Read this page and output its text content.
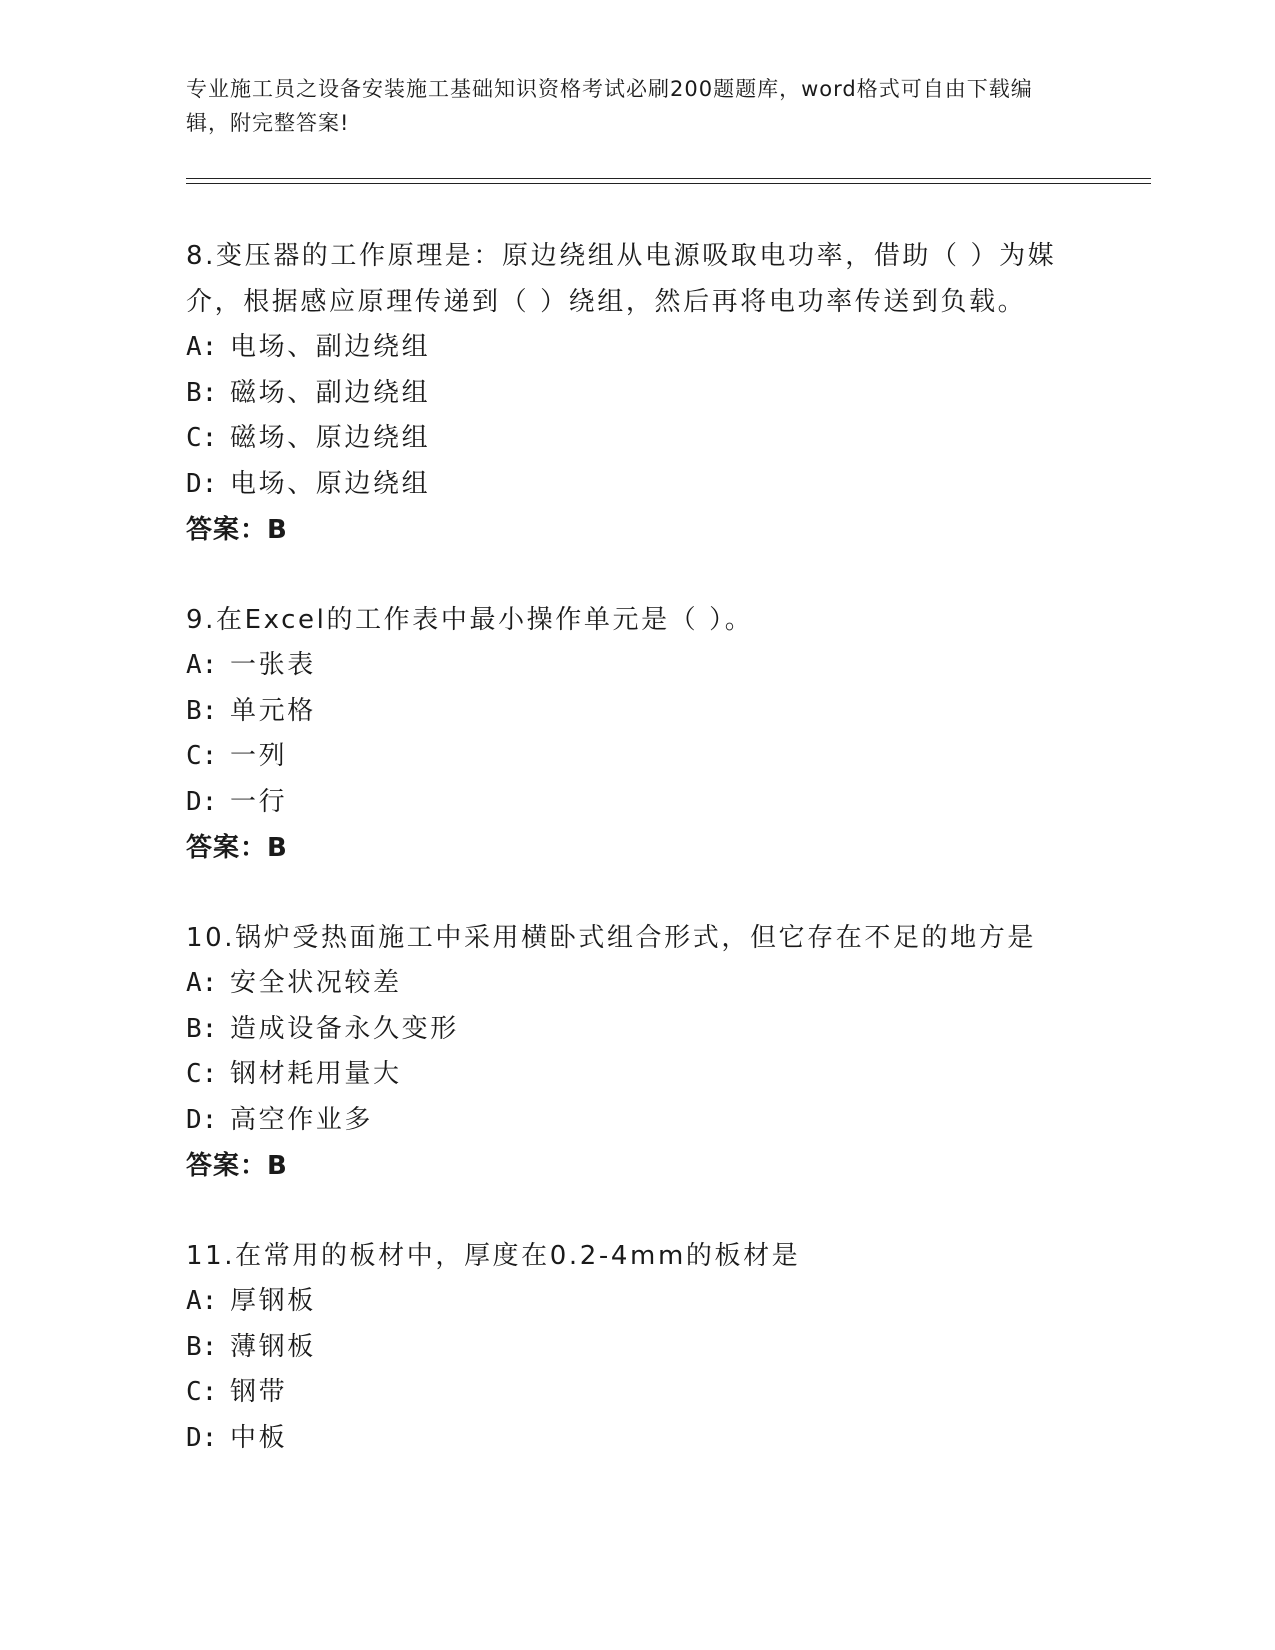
专业施工员之设备安装施工基础知识资格考试必刷200题题库，word格式可自由下载编辑，附完整答案!
8.变压器的工作原理是：原边绕组从电源吸取电功率，借助（ ）为媒介，根据感应原理传递到（ ）绕组，然后再将电功率传送到负载。
A: 电场、副边绕组
B: 磁场、副边绕组
C: 磁场、原边绕组
D: 电场、原边绕组
答案：B
9.在Excel的工作表中最小操作单元是（ ）。
A: 一张表
B: 单元格
C: 一列
D: 一行
答案：B
10.锅炉受热面施工中采用横卧式组合形式，但它存在不足的地方是
A: 安全状况较差
B: 造成设备永久变形
C: 钢材耗用量大
D: 高空作业多
答案：B
11.在常用的板材中，厚度在0.2-4mm的板材是
A: 厚钢板
B: 薄钢板
C: 钢带
D: 中板
